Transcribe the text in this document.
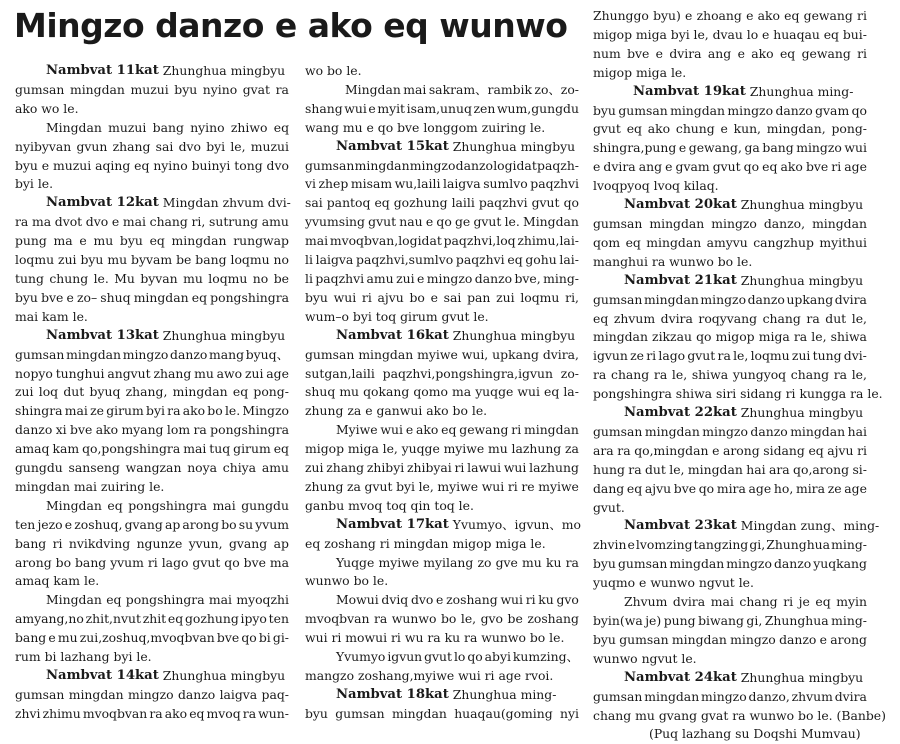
Mingzo danzo e ako eq wunwo
Nambvat 11kat Zhunghua mingbyu
gumsan mingdan muzui byu nyino gvat ra
ako wo le.
Mingdan muzui bang nyino zhiwo eq
nyibyvan gvun zhang sai dvo byi le, muzui
byu e muzui aqing eq nyino buinyi tong dvo
byi le.
Nambvat 12kat Mingdan zhvum dvi-
ra ma dvot dvo e mai chang ri, sutrung amu
pung ma e mu byu eq mingdan rungwap
loqmu zui byu mu byvam be bang loqmu no
tung chung le. Mu byvan mu loqmu no be
byu bve e zo– shuq mingdan eq pongshingra
mai kam le.
Nambvat 13kat Zhunghua mingbyu
gumsan mingdan mingzo danzo mang byuq、
nopyo tunghui angvut zhang mu awo zui age
zui loq dut byuq zhang, mingdan eq pong-
shingra mai ze girum byi ra ako bo le. Mingzo
danzo xi bve ako myang lom ra pongshingra
amaq kam qo,pongshingra mai tuq girum eq
gungdu sanseng wangzan noya chiya amu
mingdan mai zuiring le.
Mingdan eq pongshingra mai gungdu
ten jezo e zoshuq, gvang ap arong bo su yvum
bang ri nvikdving ngunze yvun, gvang ap
arong bo bang yvum ri lago gvut qo bve ma
amaq kam le.
Mingdan eq pongshingra mai myoqzhi
amyang,no zhit,nvut zhit eq gozhung ipyo ten
bang e mu zui,zoshuq,mvoqbvan bve qo bi gi-
rum bi lazhang byi le.
Nambvat 14kat Zhunghua mingbyu
gumsan mingdan mingzo danzo laigva paq-
zhvi zhimu mvoqbvan ra ako eq mvoq ra wun-
wo bo le.
Mingdan mai sakram、rambik zo、zo-
shang wui e myit isam,unuq zen wum,gungdu
wang mu e qo bve longgom zuiring le.
Nambvat 15kat Zhunghua mingbyu
gumsan mingdan mingzo danzo logidat paqzh-
vi zhep misam wu,laili laigva sumlvo paqzhvi
sai pantoq eq gozhung laili paqzhvi gvut qo
yvumsing gvut nau e qo ge gvut le. Mingdan
mai mvoqbvan,logidat paqzhvi,loq zhimu,lai-
li laigva paqzhvi,sumlvo paqzhvi eq gohu lai-
li paqzhvi amu zui e mingzo danzo bve, ming-
byu wui ri ajvu bo e sai pan zui loqmu ri,
wum–o byi toq girum gvut le.
Nambvat 16kat Zhunghua mingbyu
gumsan mingdan myiwe wui, upkang dvira,
sutgan,laili paqzhvi,pongshingra,igvun zo-
shuq mu qokang qomo ma yuqge wui eq la-
zhung za e ganwui ako bo le.
Myiwe wui e ako eq gewang ri mingdan
migop miga le, yuqge myiwe mu lazhung za
zui zhang zhibyi zhibyai ri lawui wui lazhung
zhung za gvut byi le, myiwe wui ri re myiwe
ganbu mvoq toq qin toq le.
Nambvat 17kat Yvumyo、igvun、mo
eq zoshang ri mingdan migop miga le.
Yuqge myiwe myilang zo gve mu ku ra
wunwo bo le.
Mowui dviq dvo e zoshang wui ri ku gvo
mvoqbvan ra wunwo bo le, gvo be zoshang
wui ri mowui ri wu ra ku ra wunwo bo le.
Yvumyo igvun gvut lo qo abyi kumzing、
mangzo zoshang,myiwe wui ri age rvoi.
Nambvat 18kat Zhunghua ming-
byu gumsan mingdan huaqau(goming nyi
Zhunggo byu) e zhoang e ako eq gewang ri
migop miga byi le, dvau lo e huaqau eq bui-
num bve e dvira ang e ako eq gewang ri
migop miga le.
Nambvat 19kat Zhunghua ming-
byu gumsan mingdan mingzo danzo gvam qo
gvut eq ako chung e kun, mingdan, pong-
shingra,pung e gewang, ga bang mingzo wui
e dvira ang e gvam gvut qo eq ako bve ri age
lvoqpyoq lvoq kilaq.
Nambvat 20kat Zhunghua mingbyu
gumsan mingdan mingzo danzo, mingdan
qom eq mingdan amyvu cangzhup myithui
manghui ra wunwo bo le.
Nambvat 21kat Zhunghua mingbyu
gumsan mingdan mingzo danzo upkang dvira
eq zhvum dvira roqyvang chang ra dut le,
mingdan zikzau qo migop miga ra le, shiwa
igvun ze ri lago gvut ra le, loqmu zui tung dvi-
ra chang ra le, shiwa yungyoq chang ra le,
pongshingra shiwa siri sidang ri kungga ra le.
Nambvat 22kat Zhunghua mingbyu
gumsan mingdan mingzo danzo mingdan hai
ara ra qo,mingdan e arong sidang eq ajvu ri
hung ra dut le, mingdan hai ara qo,arong si-
dang eq ajvu bve qo mira age ho, mira ze age
gvut.
Nambvat 23kat Mingdan zung、ming-
zhvin e lvomzing tangzing gi, Zhunghua ming-
byu gumsan mingdan mingzo danzo yuqkang
yuqmo e wunwo ngvut le.
Zhvum dvira mai chang ri je eq myin
byin(wa je) pung biwang gi, Zhunghua ming-
byu gumsan mingdan mingzo danzo e arong
wunwo ngvut le.
Nambvat 24kat Zhunghua mingbyu
gumsan mingdan mingzo danzo, zhvum dvira
chang mu gvang gvat ra wunwo bo le. (Banbe)
(Puq lazhang su Doqshi Mumvau)
